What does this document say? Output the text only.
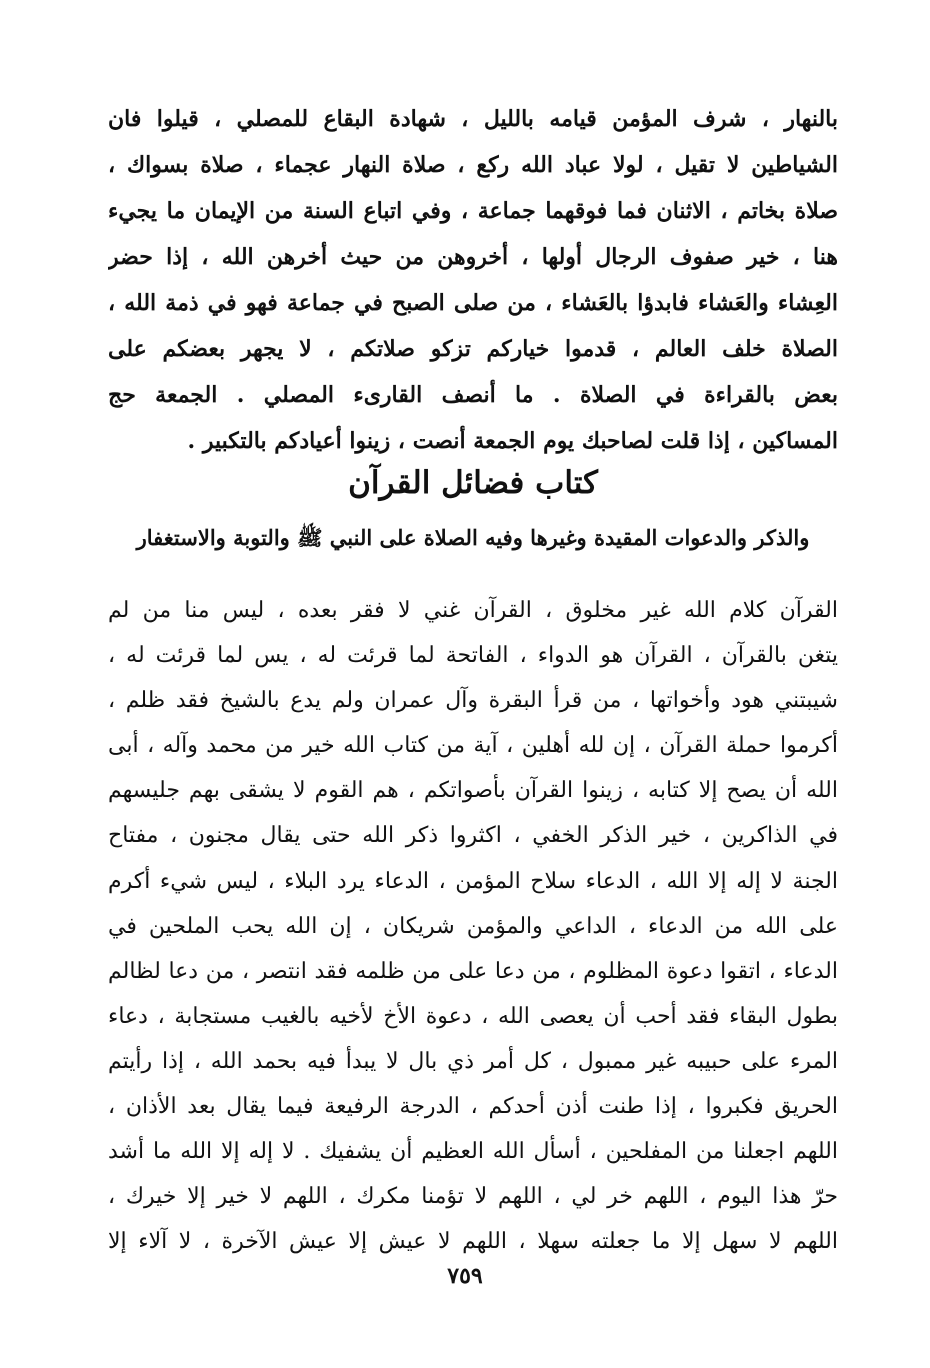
بالنهار ، شرف المؤمن قيامه بالليل ، شهادة البقاع للمصلي ، قيلوا فان
الشياطين لا تقيل ، لولا عباد الله ركع ، صلاة النهار عجماء ، صلاة بسواك ،
صلاة بخاتم ، الاثنان فما فوقهما جماعة ، وفي اتباع السنة من الإيمان ما يجيء
هنا ، خير صفوف الرجال أولها ، أخروهن من حيث أخرهن الله ، إذا حضر
العِشاء والعَشاء فابدؤا بالعَشاء ، من صلى الصبح في جماعة فهو في ذمة الله ،
الصلاة خلف العالم ، قدموا خياركم تزكو صلاتكم ، لا يجهر بعضكم على
بعض بالقراءة في الصلاة . ما أنصف القارىء المصلي . الجمعة حج
المساكين ، إذا قلت لصاحبك يوم الجمعة أنصت ، زينوا أعيادكم بالتكبير .
كتاب فضائل القرآن
والذكر والدعوات المقيدة وغيرها وفيه الصلاة على النبي ﷺ والتوبة والاستغفار
القرآن كلام الله غير مخلوق ، القرآن غني لا فقر بعده ، ليس منا من لم
يتغن بالقرآن ، القرآن هو الدواء ، الفاتحة لما قرئت له ، يس لما قرئت له ،
شيبتني هود وأخواتها ، من قرأ البقرة وآل عمران ولم يدع بالشيخ فقد ظلم ،
أكرموا حملة القرآن ، إن لله أهلين ، آية من كتاب الله خير من محمد وآله ، أبى
الله أن يصح إلا كتابه ، زينوا القرآن بأصواتكم ، هم القوم لا يشقى بهم جليسهم
في الذاكرين ، خير الذكر الخفي ، اكثروا ذكر الله حتى يقال مجنون ، مفتاح
الجنة لا إله إلا الله ، الدعاء سلاح المؤمن ، الدعاء يرد البلاء ، ليس شيء أكرم
على الله من الدعاء ، الداعي والمؤمن شريكان ، إن الله يحب الملحين في
الدعاء ، اتقوا دعوة المظلوم ، من دعا على من ظلمه فقد انتصر ، من دعا لظالم
بطول البقاء فقد أحب أن يعصى الله ، دعوة الأخ لأخيه بالغيب مستجابة ، دعاء
المرء على حبيبه غير ممبول ، كل أمر ذي بال لا يبدأ فيه بحمد الله ، إذا رأيتم
الحريق فكبروا ، إذا طنت أذن أحدكم ، الدرجة الرفيعة فيما يقال بعد الأذان ،
اللهم اجعلنا من المفلحين ، أسأل الله العظيم أن يشفيك . لا إله إلا الله ما أشد
حرّ هذا اليوم ، اللهم خر لي ، اللهم لا تؤمنا مكرك ، اللهم لا خير إلا خيرك ،
اللهم لا سهل إلا ما جعلته سهلا ، اللهم لا عيش إلا عيش الآخرة ، لا آلاء إلا
٧٥٩
